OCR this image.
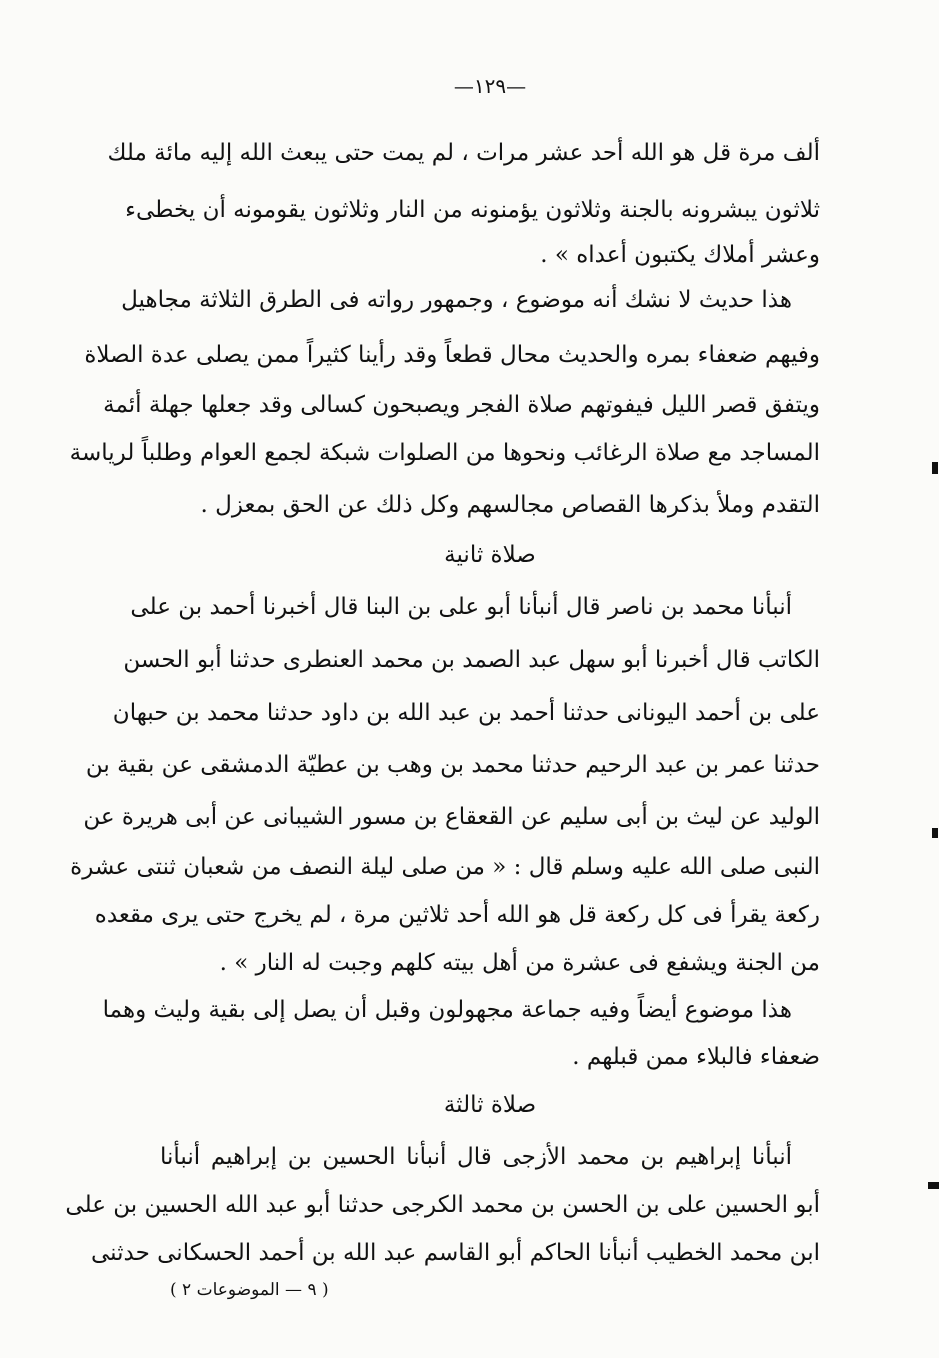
—١٢٩—
ألف مرة قل هو الله أحد عشر مرات ، لم يمت حتى يبعث الله إليه مائة ملك
ثلاثون يبشرونه بالجنة وثلاثون يؤمنونه من النار وثلاثون يقومونه أن يخطىء
وعشر أملاك يكتبون أعداه » .
هذا حديث لا نشك أنه موضوع ، وجمهور رواته فى الطرق الثلاثة مجاهيل
وفيهم ضعفاء بمره والحديث محال قطعاً وقد رأينا كثيراً ممن يصلى عدة الصلاة
ويتفق قصر الليل فيفوتهم صلاة الفجر ويصبحون كسالى وقد جعلها جهلة أئمة
المساجد مع صلاة الرغائب ونحوها من الصلوات شبكة لجمع العوام وطلباً لرياسة
التقدم وملأ بذكرها القصاص مجالسهم وكل ذلك عن الحق بمعزل .
صلاة ثانية
أنبأنا محمد بن ناصر قال أنبأنا أبو على بن البنا قال أخبرنا أحمد بن على
الكاتب قال أخبرنا أبو سهل عبد الصمد بن محمد العنطرى حدثنا أبو الحسن
على بن أحمد اليونانى حدثنا أحمد بن عبد الله بن داود حدثنا محمد بن حبهان
حدثنا عمر بن عبد الرحيم حدثنا محمد بن وهب بن عطيّة الدمشقى عن بقية بن
الوليد عن ليث بن أبى سليم عن القعقاع بن مسور الشيبانى عن أبى هريرة عن
النبى صلى الله عليه وسلم قال : « من صلى ليلة النصف من شعبان ثنتى عشرة
ركعة يقرأ فى كل ركعة قل هو الله أحد ثلاثين مرة ، لم يخرج حتى يرى مقعده
من الجنة ويشفع فى عشرة من أهل بيته كلهم وجبت له النار » .
هذا موضوع أيضاً وفيه جماعة مجهولون وقبل أن يصل إلى بقية وليث وهما
ضعفاء فالبلاء ممن قبلهم .
صلاة ثالثة
أنبأنا إبراهيم بن محمد الأزجى قال أنبأنا الحسين بن إبراهيم أنبأنا
أبو الحسين على بن الحسن بن محمد الكرجى حدثنا أبو عبد الله الحسين بن على
ابن محمد الخطيب أنبأنا الحاكم أبو القاسم عبد الله بن أحمد الحسكانى حدثنى
( ٩ — الموضوعات ٢ )
